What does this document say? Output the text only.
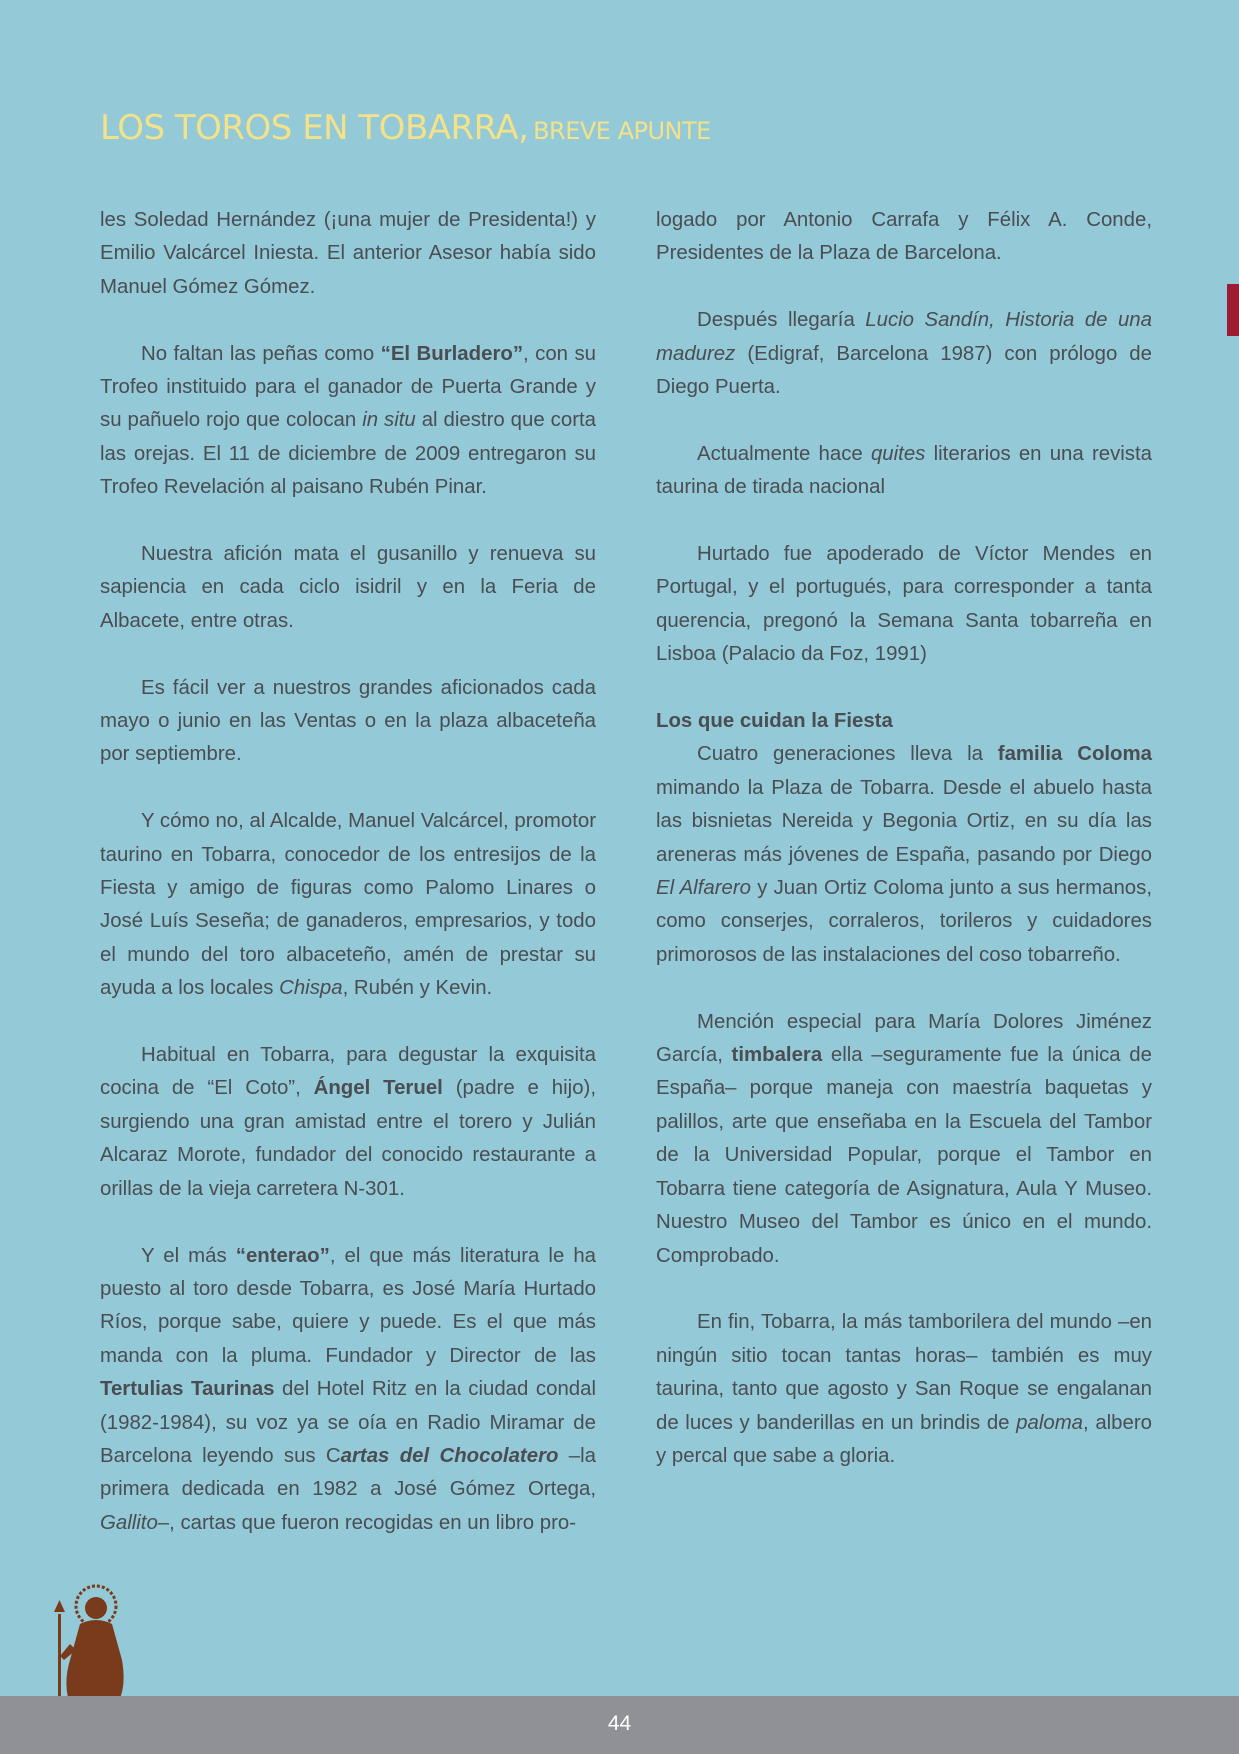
LOS TOROS EN TOBARRA, BREVE APUNTE

les Soledad Hernández (¡una mujer de Presidenta!) y Emilio Valcárcel Iniesta. El anterior Asesor había sido Manuel Gómez Gómez.

No faltan las peñas como “El Burladero”, con su Trofeo instituido para el ganador de Puerta Grande y su pañuelo rojo que colocan in situ al diestro que corta las orejas. El 11 de diciembre de 2009 entregaron su Trofeo Revelación al paisano Rubén Pinar.

Nuestra afición mata el gusanillo y renueva su sapiencia en cada ciclo isidril y en la Feria de Albacete, entre otras.

Es fácil ver a nuestros grandes aficionados cada mayo o junio en las Ventas o en la plaza albaceteña por septiembre.

Y cómo no, al Alcalde, Manuel Valcárcel, promotor taurino en Tobarra, conocedor de los entresijos de la Fiesta y amigo de figuras como Palomo Linares o José Luís Seseña; de ganaderos, empresarios, y todo el mundo del toro albaceteño, amén de prestar su ayuda a los locales Chispa, Rubén y Kevin.

Habitual en Tobarra, para degustar la exquisita cocina de “El Coto”, Ángel Teruel (padre e hijo), surgiendo una gran amistad entre el torero y Julián Alcaraz Morote, fundador del conocido restaurante a orillas de la vieja carretera N-301.

Y el más “enterao”, el que más literatura le ha puesto al toro desde Tobarra, es José María Hurtado Ríos, porque sabe, quiere y puede. Es el que más manda con la pluma. Fundador y Director de las Tertulias Taurinas del Hotel Ritz en la ciudad condal (1982-1984), su voz ya se oía en Radio Miramar de Barcelona leyendo sus Cartas del Chocolatero –la primera dedicada en 1982 a José Gómez Ortega, Gallito–, cartas que fueron recogidas en un libro pro-

logado por Antonio Carrafa y Félix A. Conde, Presidentes de la Plaza de Barcelona.

Después llegaría Lucio Sandín, Historia de una madurez (Edigraf, Barcelona 1987) con prólogo de Diego Puerta.

Actualmente hace quites literarios en una revista taurina de tirada nacional

Hurtado fue apoderado de Víctor Mendes en Portugal, y el portugués, para corresponder a tanta querencia, pregonó la Semana Santa tobarreña en Lisboa (Palacio da Foz, 1991)

Los que cuidan la Fiesta

Cuatro generaciones lleva la familia Coloma mimando la Plaza de Tobarra. Desde el abuelo hasta las bisnietas Nereida y Begonia Ortiz, en su día las areneras más jóvenes de España, pasando por Diego El Alfarero y Juan Ortiz Coloma junto a sus hermanos, como conserjes, corraleros, torileros y cuidadores primorosos de las instalaciones del coso tobarreño.

Mención especial para María Dolores Jiménez García, timbalera ella –seguramente fue la única de España– porque maneja con maestría baquetas y palillos, arte que enseñaba en la Escuela del Tambor de la Universidad Popular, porque el Tambor en Tobarra tiene categoría de Asignatura, Aula Y Museo. Nuestro Museo del Tambor es único en el mundo. Comprobado.

En fin, Tobarra, la más tamborilera del mundo –en ningún sitio tocan tantas horas– también es muy taurina, tanto que agosto y San Roque se engalanan de luces y banderillas en un brindis de paloma, albero y percal que sabe a gloria.

44
